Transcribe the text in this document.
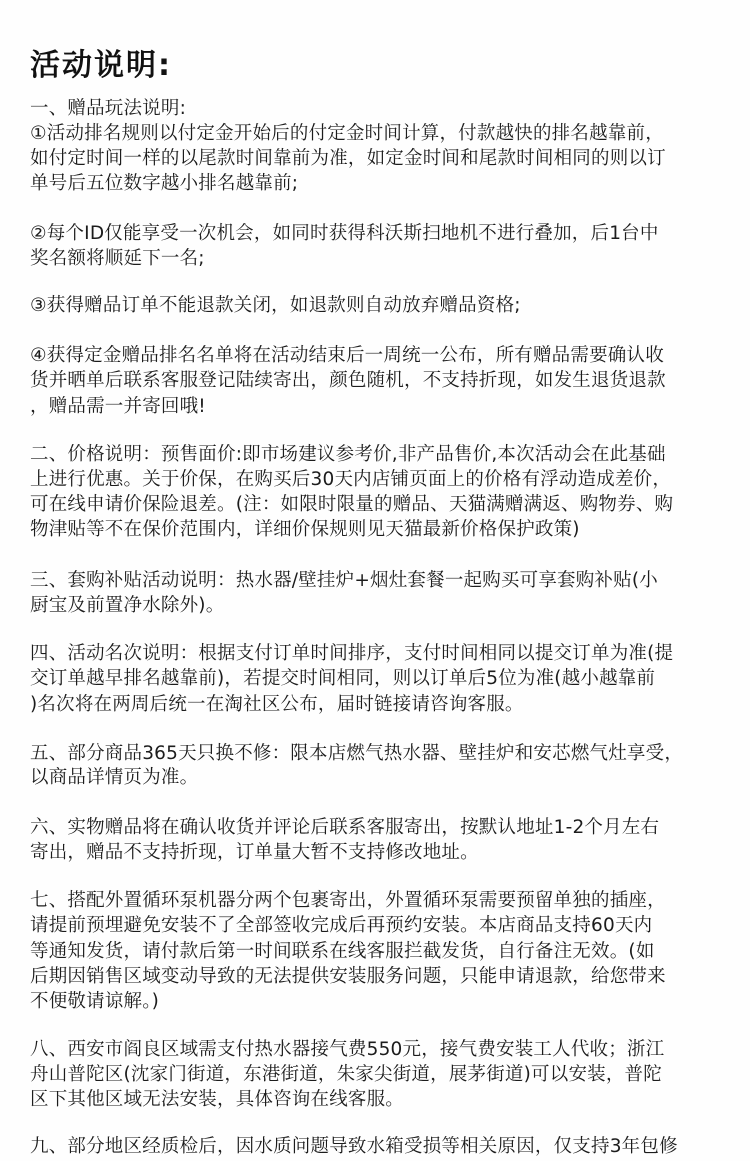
活动说明:
一、赠品玩法说明:
①活动排名规则以付定金开始后的付定金时间计算，付款越快的排名越靠前，
如付定时间一样的以尾款时间靠前为准，如定金时间和尾款时间相同的则以订
单号后五位数字越小排名越靠前;
②每个ID仅能享受一次机会，如同时获得科沃斯扫地机不进行叠加，后1台中
奖名额将顺延下一名;
③获得赠品订单不能退款关闭，如退款则自动放弃赠品资格;
④获得定金赠品排名名单将在活动结束后一周统一公布，所有赠品需要确认收
货并晒单后联系客服登记陆续寄出，颜色随机，不支持折现，如发生退货退款
，赠品需一并寄回哦!
二、价格说明：预售面价:即市场建议参考价,非产品售价,本次活动会在此基础
上进行优惠。关于价保，在购买后30天内店铺页面上的价格有浮动造成差价，
可在线申请价保险退差。(注：如限时限量的赠品、天猫满赠满返、购物券、购
物津贴等不在保价范围内，详细价保规则见天猫最新价格保护政策)
三、套购补贴活动说明：热水器/壁挂炉+烟灶套餐一起购买可享套购补贴(小
厨宝及前置净水除外)。
四、活动名次说明：根据支付订单时间排序，支付时间相同以提交订单为准(提
交订单越早排名越靠前)，若提交时间相同，则以订单后5位为准(越小越靠前
)名次将在两周后统一在淘社区公布，届时链接请咨询客服。
五、部分商品365天只换不修：限本店燃气热水器、壁挂炉和安芯燃气灶享受，
以商品详情页为准。
六、实物赠品将在确认收货并评论后联系客服寄出，按默认地址1-2个月左右
寄出，赠品不支持折现，订单量大暂不支持修改地址。
七、搭配外置循环泵机器分两个包裹寄出，外置循环泵需要预留单独的插座，
请提前预埋避免安装不了全部签收完成后再预约安装。本店商品支持60天内
等通知发货，请付款后第一时间联系在线客服拦截发货，自行备注无效。(如
后期因销售区域变动导致的无法提供安装服务问题，只能申请退款，给您带来
不便敬请谅解。)
八、西安市阎良区域需支付热水器接气费550元，接气费安装工人代收；浙江
舟山普陀区(沈家门街道，东港街道，朱家尖街道，展茅街道)可以安装，普陀
区下其他区域无法安装，具体咨询在线客服。
九、部分地区经质检后，因水质问题导致水箱受损等相关原因，仅支持3年包修
